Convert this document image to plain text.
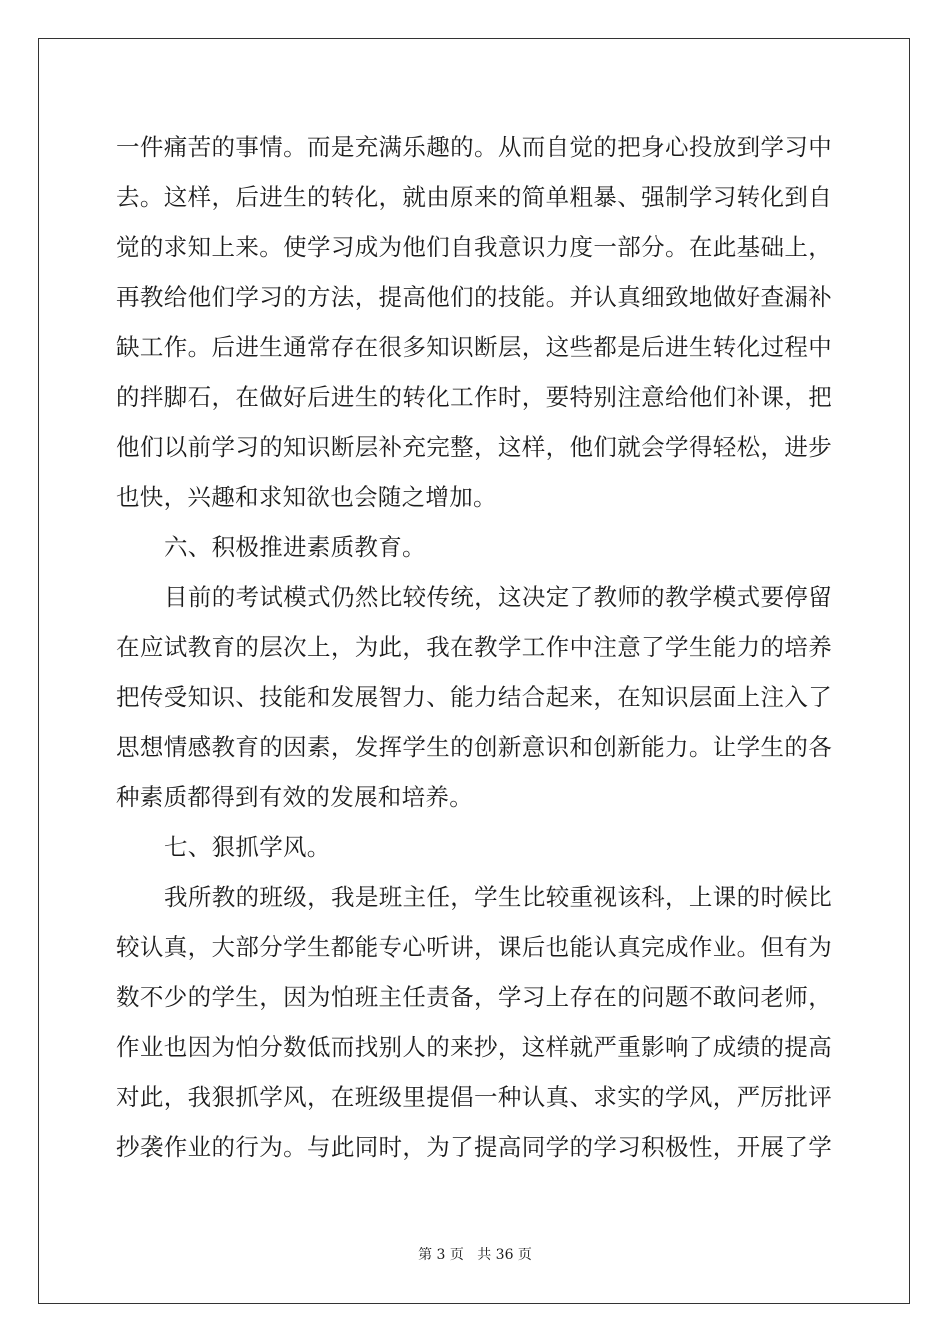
一件痛苦的事情。而是充满乐趣的。从而自觉的把身心投放到学习中
去。这样，后进生的转化，就由原来的简单粗暴、强制学习转化到自
觉的求知上来。使学习成为他们自我意识力度一部分。在此基础上，
再教给他们学习的方法，提高他们的技能。并认真细致地做好查漏补
缺工作。后进生通常存在很多知识断层，这些都是后进生转化过程中
的拌脚石，在做好后进生的转化工作时，要特别注意给他们补课，把
他们以前学习的知识断层补充完整，这样，他们就会学得轻松，进步
也快，兴趣和求知欲也会随之增加。
六、积极推进素质教育。
目前的考试模式仍然比较传统，这决定了教师的教学模式要停留
在应试教育的层次上，为此，我在教学工作中注意了学生能力的培养
把传受知识、技能和发展智力、能力结合起来，在知识层面上注入了
思想情感教育的因素，发挥学生的创新意识和创新能力。让学生的各
种素质都得到有效的发展和培养。
七、狠抓学风。
我所教的班级，我是班主任，学生比较重视该科，上课的时候比
较认真，大部分学生都能专心听讲，课后也能认真完成作业。但有为
数不少的学生，因为怕班主任责备，学习上存在的问题不敢问老师，
作业也因为怕分数低而找别人的来抄，这样就严重影响了成绩的提高
对此，我狠抓学风，在班级里提倡一种认真、求实的学风，严厉批评
抄袭作业的行为。与此同时，为了提高同学的学习积极性，开展了学
第 3 页   共 36 页
